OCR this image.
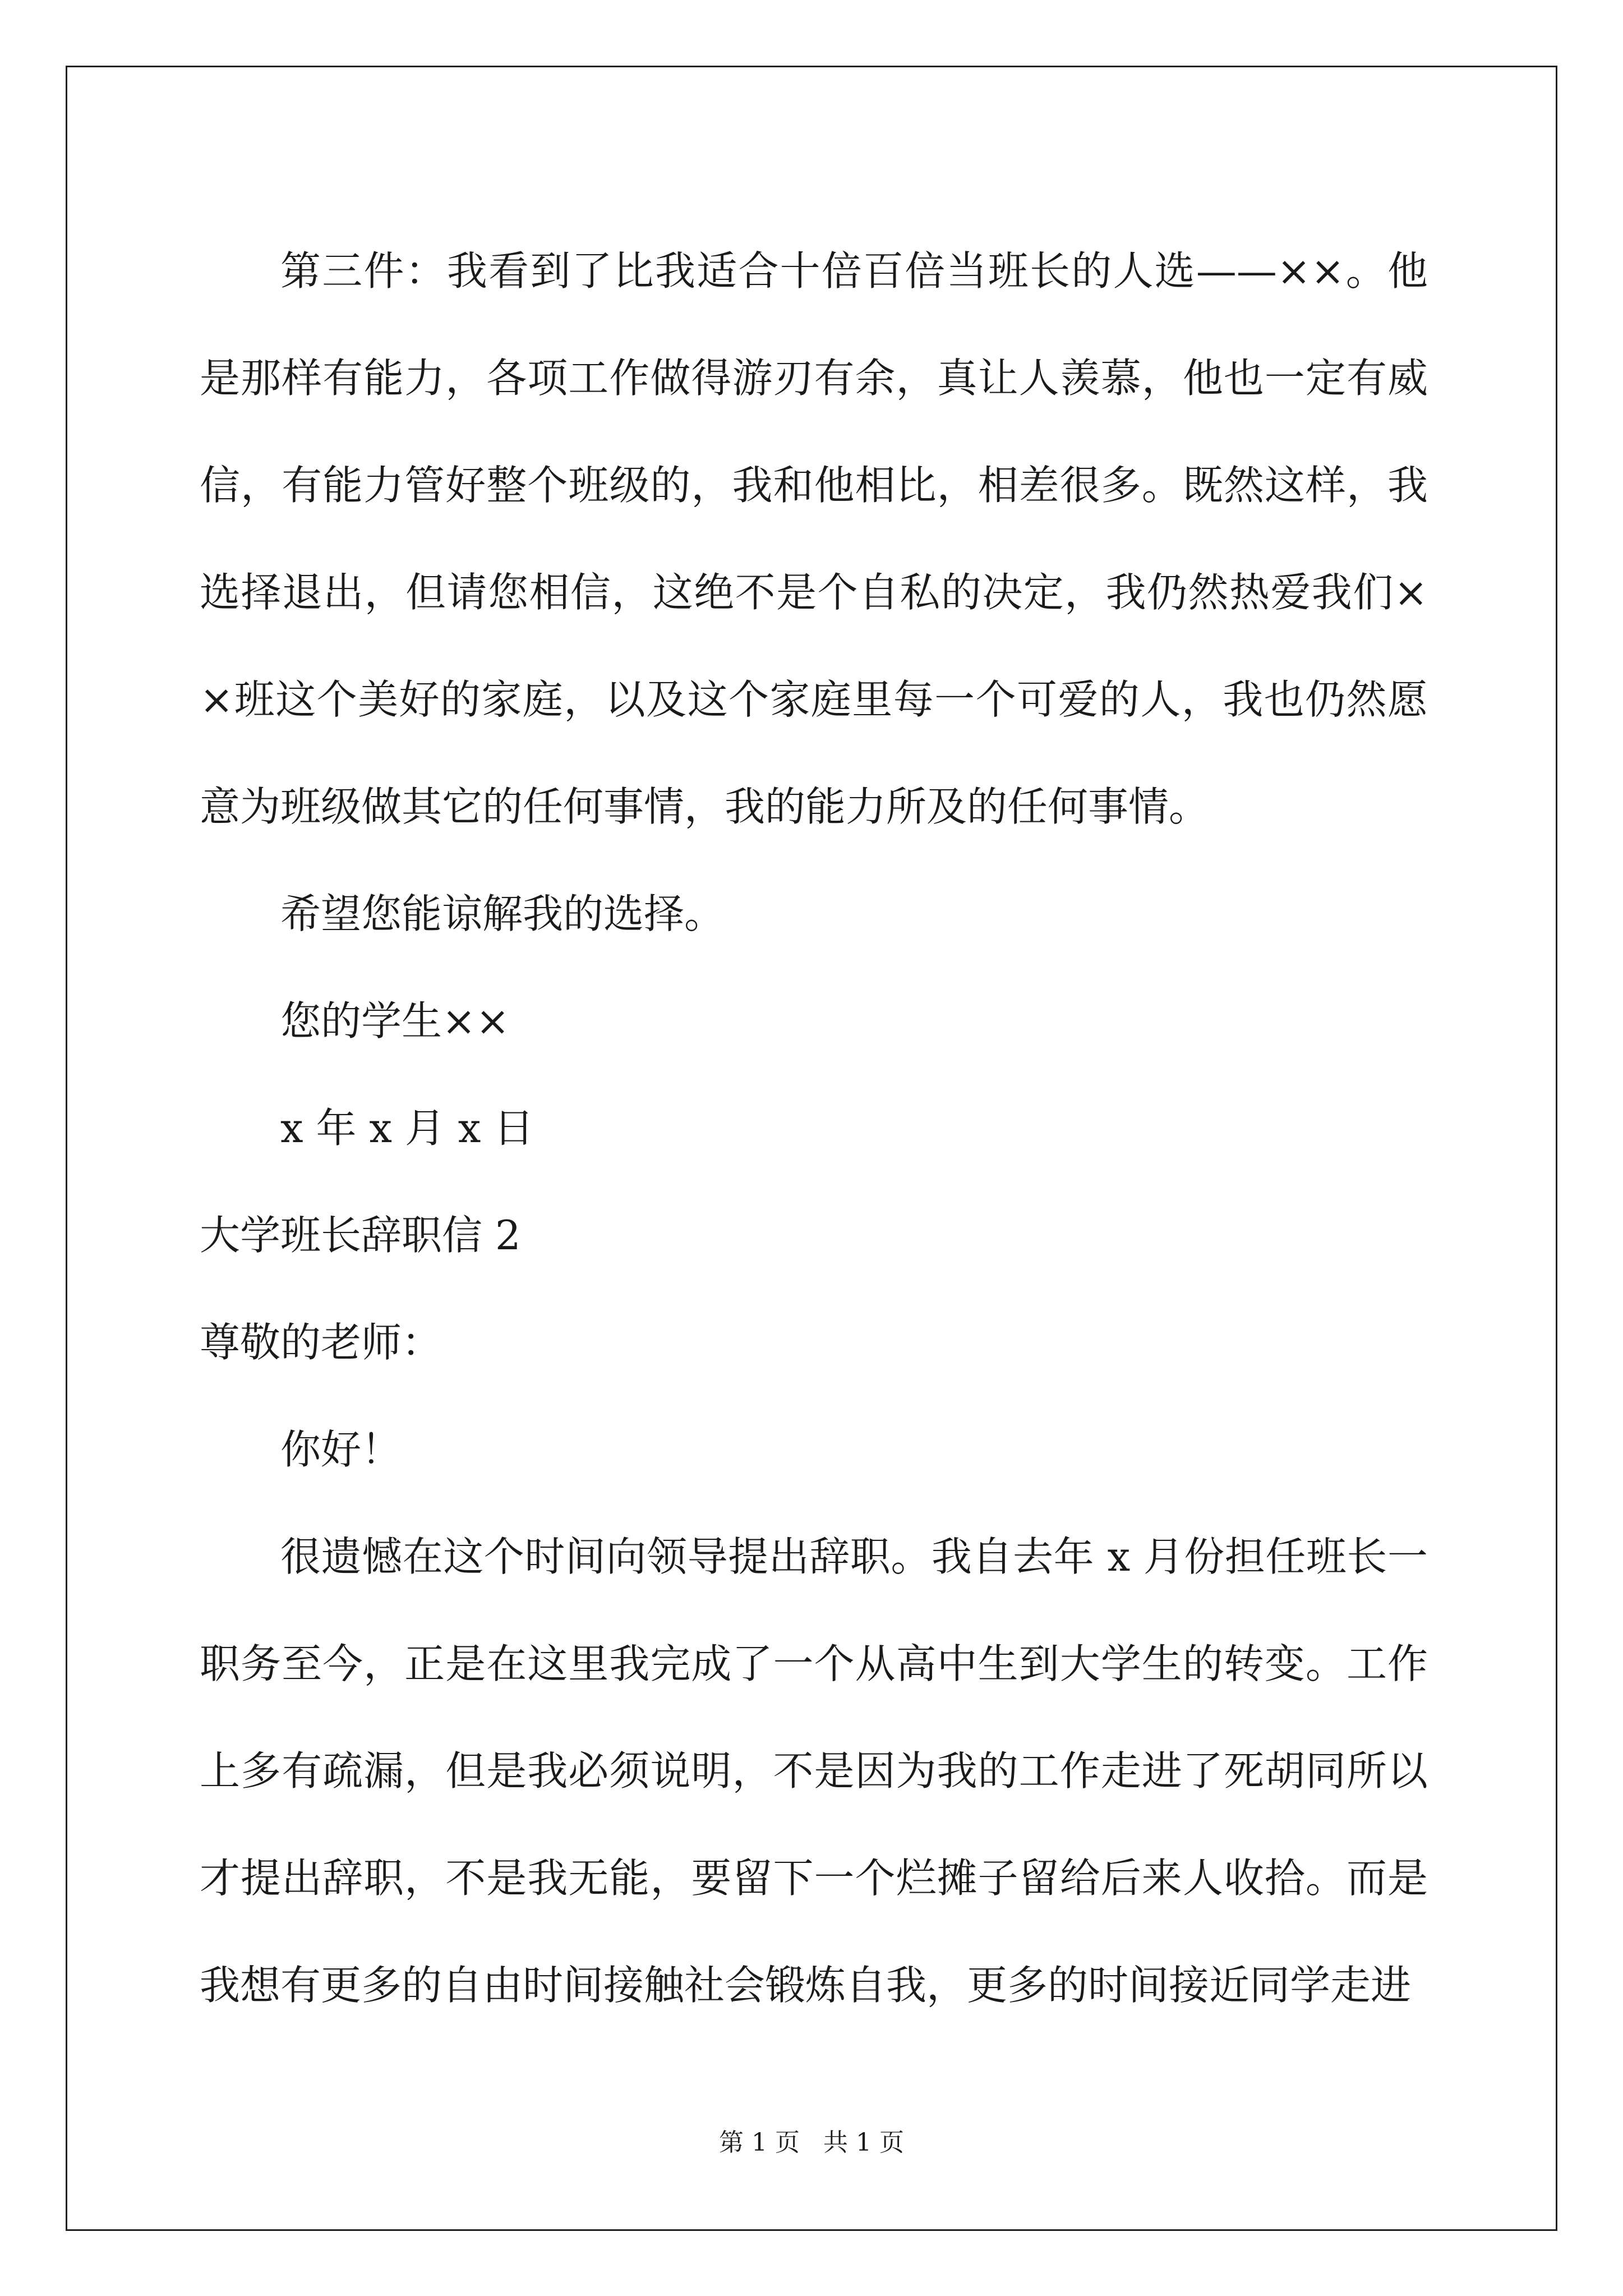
第三件：我看到了比我适合十倍百倍当班长的人选——××。他是那样有能力，各项工作做得游刃有余，真让人羡慕，他也一定有威信，有能力管好整个班级的，我和他相比，相差很多。既然这样，我选择退出，但请您相信，这绝不是个自私的决定，我仍然热爱我们××班这个美好的家庭，以及这个家庭里每一个可爱的人，我也仍然愿意为班级做其它的任何事情，我的能力所及的任何事情。

希望您能谅解我的选择。

您的学生××

x 年 x 月 x 日

大学班长辞职信 2

尊敬的老师：

你好！

很遗憾在这个时间向领导提出辞职。我自去年 x 月份担任班长一职务至今，正是在这里我完成了一个从高中生到大学生的转变。工作上多有疏漏，但是我必须说明，不是因为我的工作走进了死胡同所以才提出辞职，不是我无能，要留下一个烂摊子留给后来人收拾。而是我想有更多的自由时间接触社会锻炼自我，更多的时间接近同学走进

第 1 页   共 1 页
